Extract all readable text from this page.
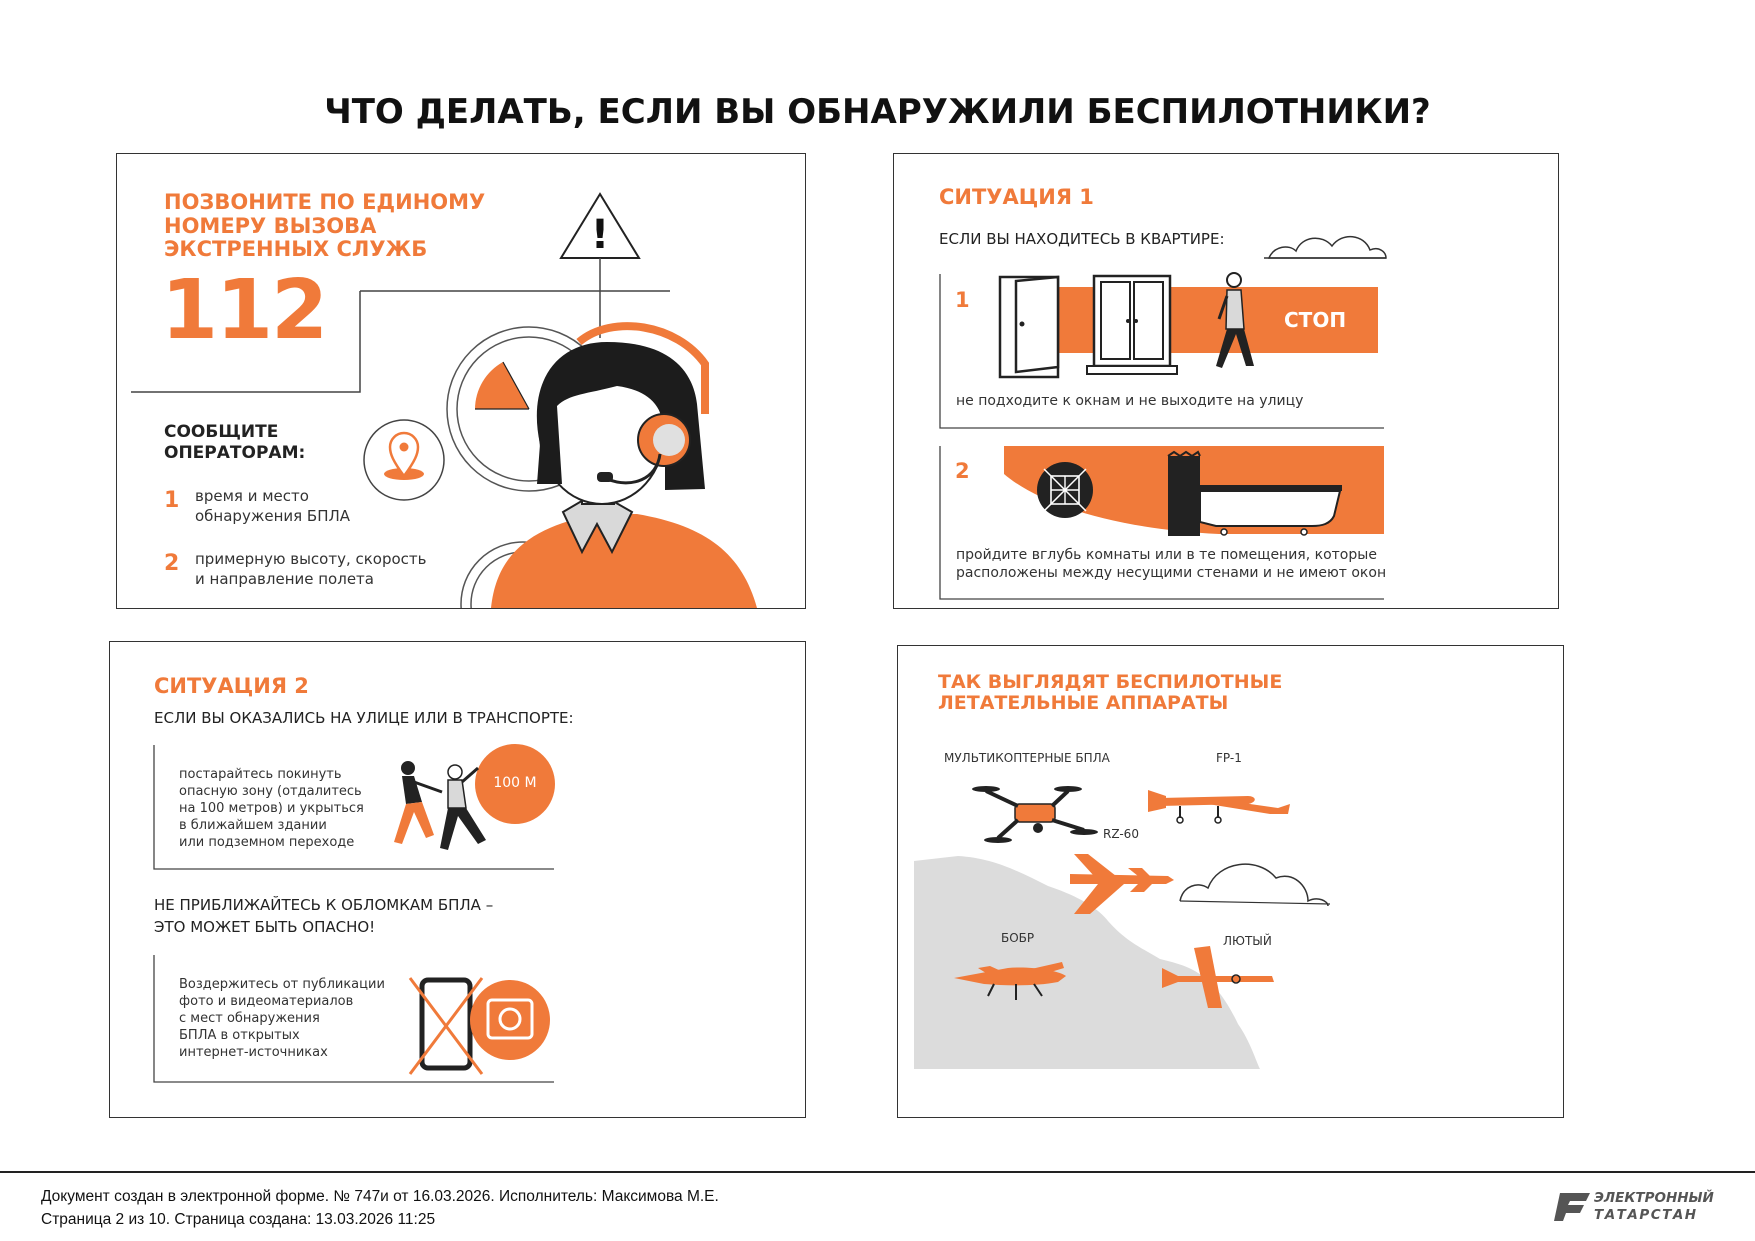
ЧТО ДЕЛАТЬ, ЕСЛИ ВЫ ОБНАРУЖИЛИ БЕСПИЛОТНИКИ?
!
ПОЗВОНИТЕ ПО ЕДИНОМУ
НОМЕРУ ВЫЗОВА
ЭКСТРЕННЫХ СЛУЖБ
112
СООБЩИТЕ
ОПЕРАТОРАМ:
1 время и место
обнаружения БПЛА
2 примерную высоту, скорость
и направление полета
СИТУАЦИЯ 1
ЕСЛИ ВЫ НАХОДИТЕСЬ В КВАРТИРЕ:
1
СТОП
не подходите к окнам и не выходите на улицу
2
пройдите вглубь комнаты или в те помещения, которые
расположены между несущими стенами и не имеют окон
СИТУАЦИЯ 2
ЕСЛИ ВЫ ОКАЗАЛИСЬ НА УЛИЦЕ ИЛИ В ТРАНСПОРТЕ:
постарайтесь покинуть
опасную зону (отдалитесь
на 100 метров) и укрыться
в ближайшем здании
или подземном переходе
100 М
НЕ ПРИБЛИЖАЙТЕСЬ К ОБЛОМКАМ БПЛА –
ЭТО МОЖЕТ БЫТЬ ОПАСНО!
Воздержитесь от публикации
фото и видеоматериалов
с мест обнаружения
БПЛА в открытых
интернет-источниках
ТАК ВЫГЛЯДЯТ БЕСПИЛОТНЫЕ
ЛЕТАТЕЛЬНЫЕ АППАРАТЫ
МУЛЬТИКОПТЕРНЫЕ БПЛА	FP-1
RZ-60
БОБР	ЛЮТЫЙ
Документ создан в электронной форме. № 747и от 16.03.2026. Исполнитель: Максимова М.Е.
Страница 2 из 10. Страница создана: 13.03.2026 11:25
ЭЛЕКТРОННЫЙ
ТАТАРСТАН
